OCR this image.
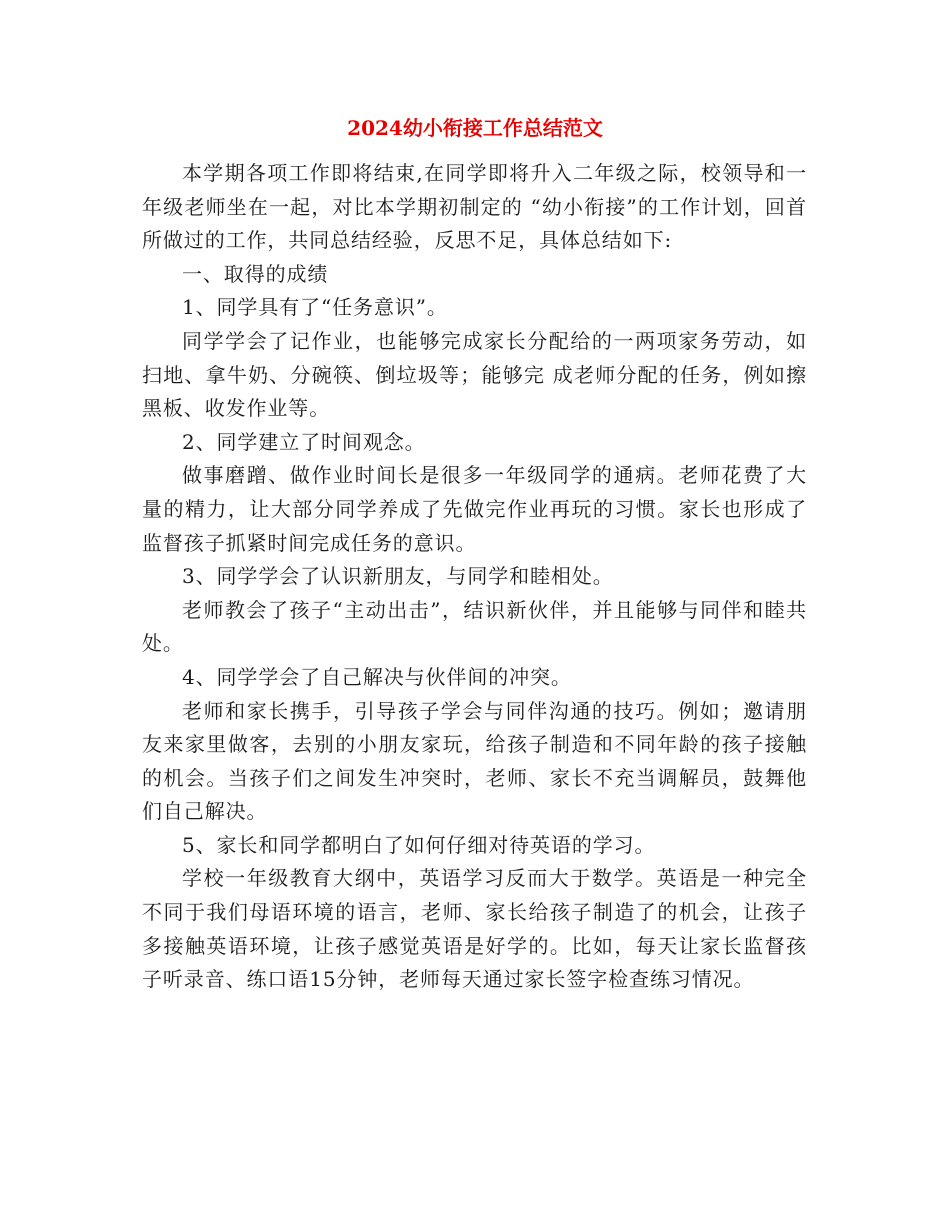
2024幼小衔接工作总结范文

本学期各项工作即将结束,在同学即将升入二年级之际，校领导和一年级老师坐在一起，对比本学期初制定的 “幼小衔接”的工作计划，回首所做过的工作，共同总结经验，反思不足，具体总结如下:

一、取得的成绩

1、同学具有了“任务意识”。

同学学会了记作业，也能够完成家长分配给的一两项家务劳动，如扫地、拿牛奶、分碗筷、倒垃圾等；能够完 成老师分配的任务，例如擦黑板、收发作业等。

2、同学建立了时间观念。

做事磨蹭、做作业时间长是很多一年级同学的通病。老师花费了大量的精力，让大部分同学养成了先做完作业再玩的习惯。家长也形成了监督孩子抓紧时间完成任务的意识。

3、同学学会了认识新朋友，与同学和睦相处。

老师教会了孩子“主动出击”，结识新伙伴，并且能够与同伴和睦共处。

4、同学学会了自己解决与伙伴间的冲突。

老师和家长携手，引导孩子学会与同伴沟通的技巧。例如；邀请朋友来家里做客，去别的小朋友家玩，给孩子制造和不同年龄的孩子接触的机会。当孩子们之间发生冲突时，老师、家长不充当调解员，鼓舞他们自己解决。

5、家长和同学都明白了如何仔细对待英语的学习。

学校一年级教育大纲中，英语学习反而大于数学。英语是一种完全不同于我们母语环境的语言，老师、家长给孩子制造了的机会，让孩子多接触英语环境，让孩子感觉英语是好学的。比如，每天让家长监督孩子听录音、练口语15分钟，老师每天通过家长签字检查练习情况。
